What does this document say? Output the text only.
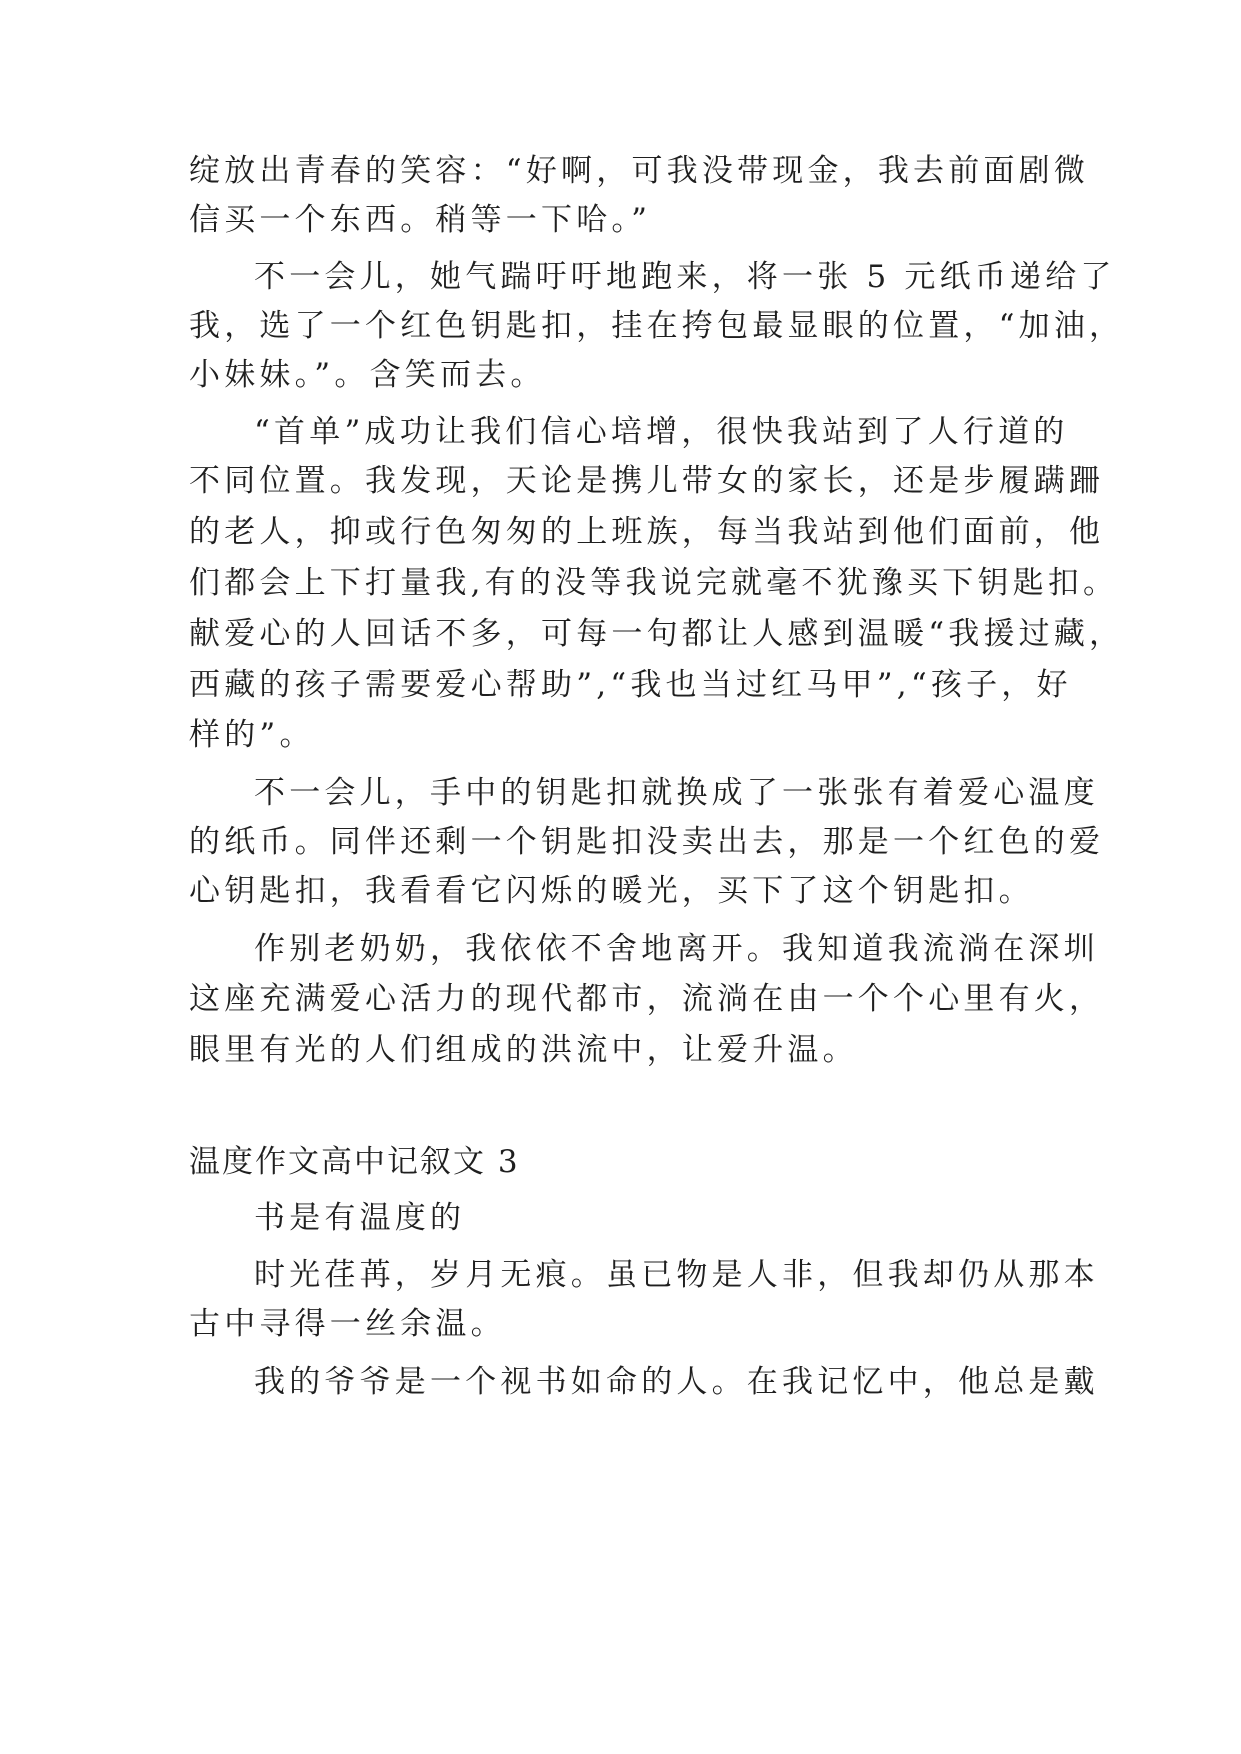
绽放出青春的笑容：“好啊，可我没带现金，我去前面剧微
信买一个东西。稍等一下哈。”
不一会儿，她气踹吁吁地跑来，将一张 5 元纸币递给了
我，选了一个红色钥匙扣，挂在挎包最显眼的位置，“加油，
小妹妹。”。含笑而去。
“首单”成功让我们信心培增，很快我站到了人行道的
不同位置。我发现，天论是携儿带女的家长，还是步履蹒跚
的老人，抑或行色匆匆的上班族，每当我站到他们面前，他
们都会上下打量我,有的没等我说完就毫不犹豫买下钥匙扣。
献爱心的人回话不多，可每一句都让人感到温暖“我援过藏，
西藏的孩子需要爱心帮助”,“我也当过红马甲”,“孩子，好
样的”。
不一会儿，手中的钥匙扣就换成了一张张有着爱心温度
的纸币。同伴还剩一个钥匙扣没卖出去，那是一个红色的爱
心钥匙扣，我看看它闪烁的暖光，买下了这个钥匙扣。
作别老奶奶，我依依不舍地离开。我知道我流淌在深圳
这座充满爱心活力的现代都市，流淌在由一个个心里有火，
眼里有光的人们组成的洪流中，让爱升温。
温度作文高中记叙文 3
书是有温度的
时光荏苒，岁月无痕。虽已物是人非，但我却仍从那本
古中寻得一丝余温。
我的爷爷是一个视书如命的人。在我记忆中，他总是戴
